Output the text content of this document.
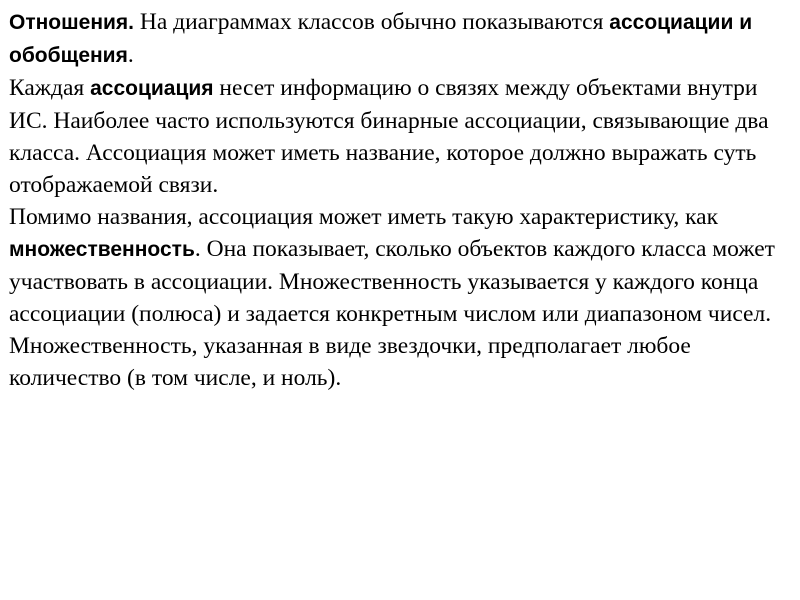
Отношения. На диаграммах классов обычно показываются ассоциации и обобщения.

Каждая ассоциация несет информацию о связях между объектами внутри ИС. Наиболее часто используются бинарные ассоциации, связывающие два класса. Ассоциация может иметь название, которое должно выражать суть отображаемой связи.

Помимо названия, ассоциация может иметь такую характеристику, как множественность. Она показывает, сколько объектов каждого класса может участвовать в ассоциации. Множественность указывается у каждого конца ассоциации (полюса) и задается конкретным числом или диапазоном чисел. Множественность, указанная в виде звездочки, предполагает любое количество (в том числе, и ноль).
